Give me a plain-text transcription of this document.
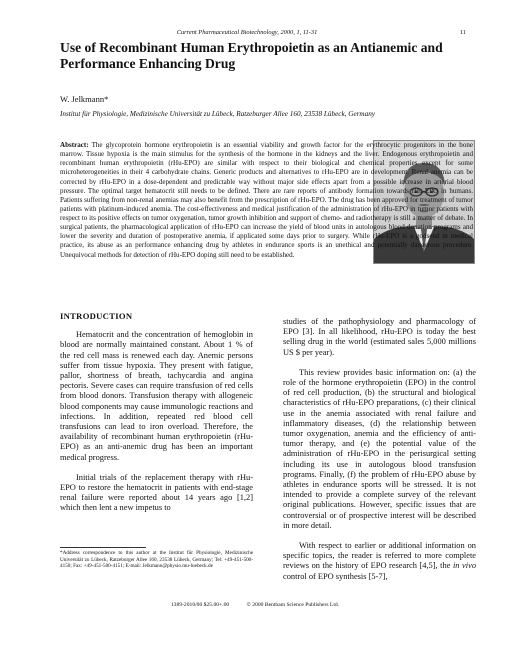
Current Pharmaceutical Biotechnology, 2000, 1, 11-31	11
Use of Recombinant Human Erythropoietin as an Antianemic and Performance Enhancing Drug
W. Jelkmann*
Institut für Physiologie, Medizinische Universität zu Lübeck, Ratzeburger Allee 160, 23538 Lübeck, Germany
Abstract: The glycoprotein hormone erythropoietin is an essential viability and growth factor for the erythrocytic progenitors in the bone marrow. Tissue hypoxia is the main stimulus for the synthesis of the hormone in the kidneys and the liver. Endogenous erythropoietin and recombinant human erythropoietin (rHu-EPO) are similar with respect to their biological and chemical properties except for some microheterogeneities in their 4 carbohydrate chains. Generic products and alternatives to rHu-EPO are in development. Renal anemia can be corrected by rHu-EPO in a dose-dependent and predictable way without major side effects apart from a possible increase in arterial blood pressure. The optimal target hematocrit still needs to be defined. There are rare reports of antibody formation towards rHu-EPO in humans. Patients suffering from non-renal anemias may also benefit from the prescription of rHu-EPO. The drug has been approved for treatment of tumor patients with platinum-induced anemia. The cost-effectiveness and medical justification of the administration of rHu-EPO in tumor patients with respect to its positive effects on tumor oxygenation, tumor growth inhibition and support of chemo- and radiotherapy is still a matter of debate. In surgical patients, the pharmacological application of rHu-EPO can increase the yield of blood units in autologous blood donation programs and lower the severity and duration of postoperative anemia, if applicated some days prior to surgery. While rHu-EPO is a godsend in medical practice, its abuse as an performance enhancing drug by athletes in endurance sports is an unethical and potentially dangerous procedure. Unequivocal methods for detection of rHu-EPO doping still need to be established.
INTRODUCTION

Hematocrit and the concentration of hemoglobin in blood are normally maintained constant. About 1 % of the red cell mass is renewed each day. Anemic persons suffer from tissue hypoxia. They present with fatigue, pallor, shortness of breath, tachycardia and angina pectoris. Severe cases can require transfusion of red cells from blood donors. Transfusion therapy with allogeneic blood components may cause immunologic reactions and infections. In addition, repeated red blood cell transfusions can lead to iron overload. Therefore, the availability of recombinant human erythropoietin (rHu-EPO) as an anti-anemic drug has been an important medical progress.

Initial trials of the replacement therapy with rHu-EPO to restore the hematocrit in patients with end-stage renal failure were reported about 14 years ago [1,2] which then lent a new impetus to

studies of the pathophysiology and pharmacology of EPO [3]. In all likelihood, rHu-EPO is today the best selling drug in the world (estimated sales 5,000 millions US $ per year).

This review provides basic information on: (a) the role of the hormone erythropoietin (EPO) in the control of red cell production, (b) the structural and biological characteristics of rHu-EPO preparations, (c) their clinical use in the anemia associated with renal failure and inflammatory diseases, (d) the relationship between tumor oxygenation, anemia and the efficiency of anti-tumor therapy, and (e) the potential value of the administration of rHu-EPO in the perisurgical setting including its use in autologous blood transfusion programs. Finally, (f) the problem of rHu-EPO abuse by athletes in endurance sports will be stressed. It is not intended to provide a complete survey of the relevant original publications. However, specific issues that are controversial or of prospective interest will be described in more detail.

With respect to earlier or additional information on specific topics, the reader is referred to more complete reviews on the history of EPO research [4,5], the in vivo control of EPO synthesis [5-7],

*Address correspondence to this author at the Institut für Physiologie, Medizinische Universität zu Lübeck, Ratzeburger Allee 160, 23538 Lübeck, Germany; Tel: +49-451-500-4150; Fax: +49-451-500-4151; E-mail: Jelkmann@physio.mu-luebeck.de
1389-2010/00 $25.00+.00	© 2000 Bentham Science Publishers Ltd.
